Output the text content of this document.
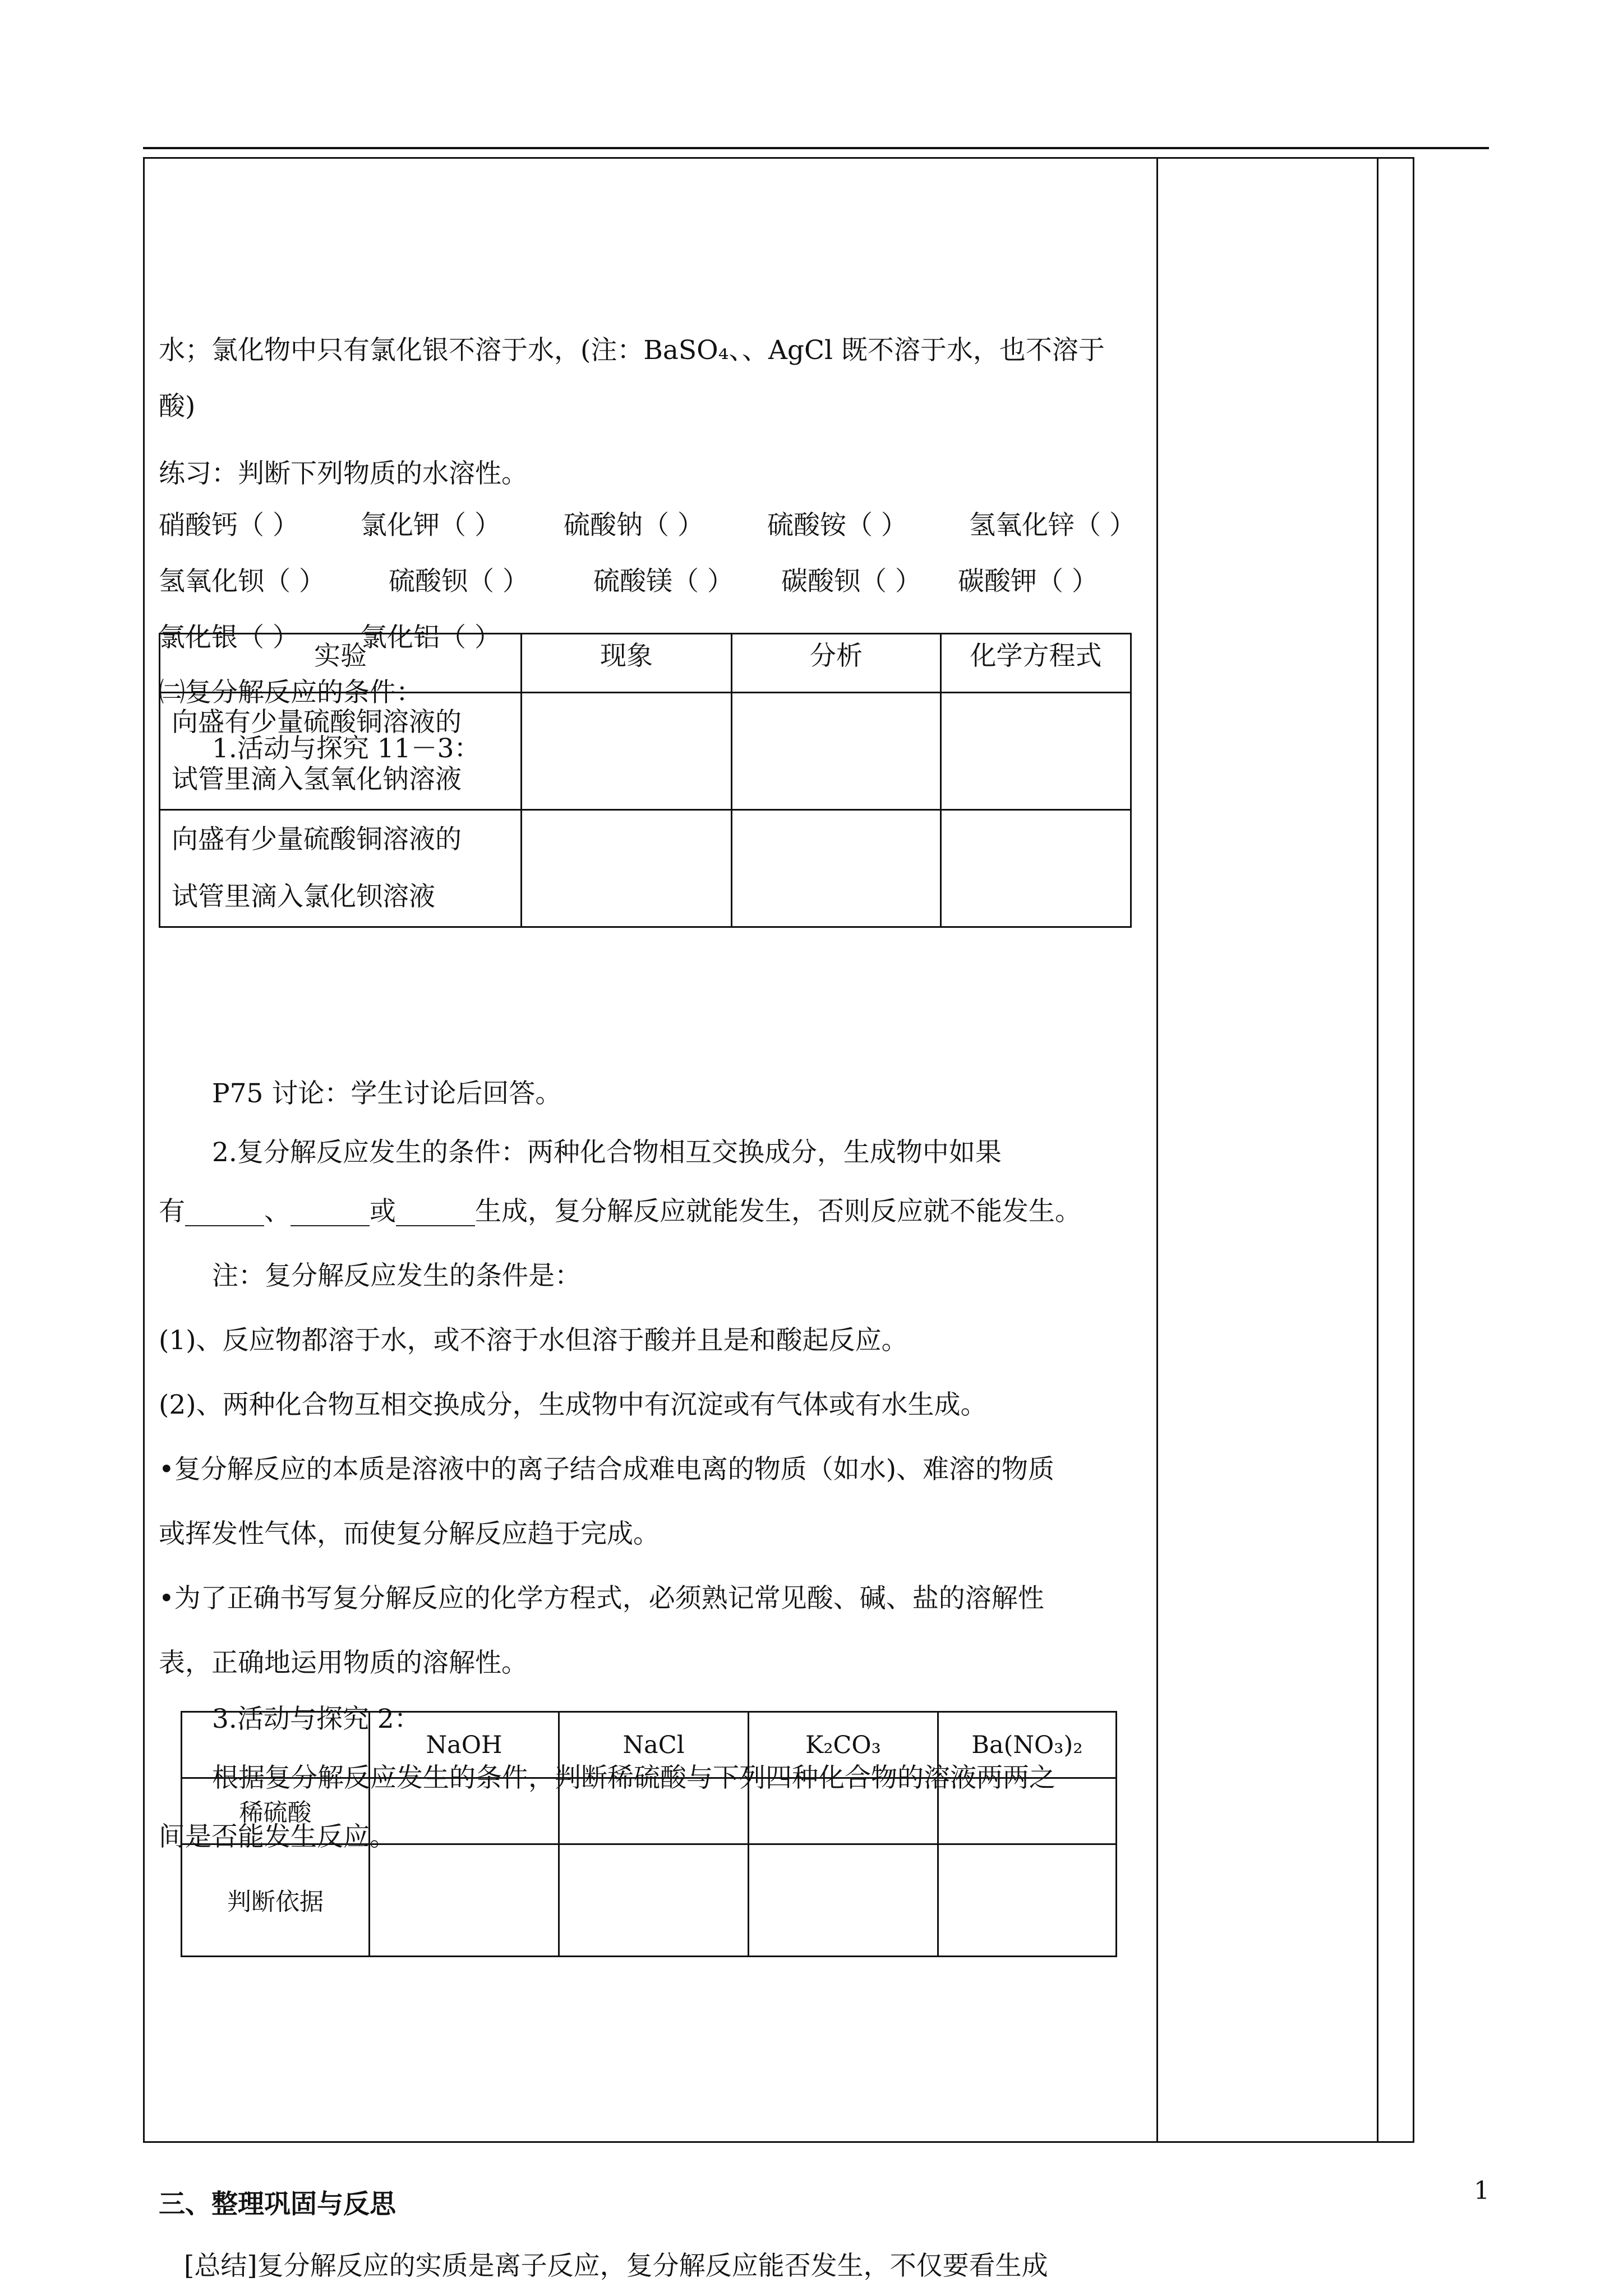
水；氯化物中只有氯化银不溶于水，(注：BaSO₄、、AgCl 既不溶于水，也不溶于
酸)
练习：判断下列物质的水溶性。
硝酸钙（ ） 氯化钾（ ） 硫酸钠（ ） 硫酸铵（ ） 氢氧化锌（ ）
氢氧化钡（ ） 硫酸钡（ ） 硫酸镁（ ） 碳酸钡（ ） 碳酸钾（ ）
氯化银（ ） 氯化铝（ ）
㈡复分解反应的条件：
1.活动与探究 11－3：
P75 讨论：学生讨论后回答。
2.复分解反应发生的条件：两种化合物相互交换成分，生成物中如果
有______、______或______生成，复分解反应就能发生，否则反应就不能发生。
注：复分解反应发生的条件是：
(1)、反应物都溶于水，或不溶于水但溶于酸并且是和酸起反应。
(2)、两种化合物互相交换成分，生成物中有沉淀或有气体或有水生成。
•复分解反应的本质是溶液中的离子结合成难电离的物质（如水)、难溶的物质
或挥发性气体，而使复分解反应趋于完成。
•为了正确书写复分解反应的化学方程式，必须熟记常见酸、碱、盐的溶解性
表，正确地运用物质的溶解性。
3.活动与探究 2：
根据复分解反应发生的条件，判断稀硫酸与下列四种化合物的溶液两两之
间是否能发生反应。
三、整理巩固与反思
[总结]复分解反应的实质是离子反应，复分解反应能否发生，不仅要看生成
实验	现象	分析	化学方程式

向盛有少量硫酸铜溶液的
试管里滴入氢氧化钠溶液			

向盛有少量硫酸铜溶液的
试管里滴入氯化钡溶液			

	NaOH	NaCl	K₂CO₃	Ba(NO₃)₂
稀硫酸				
判断依据				
1
